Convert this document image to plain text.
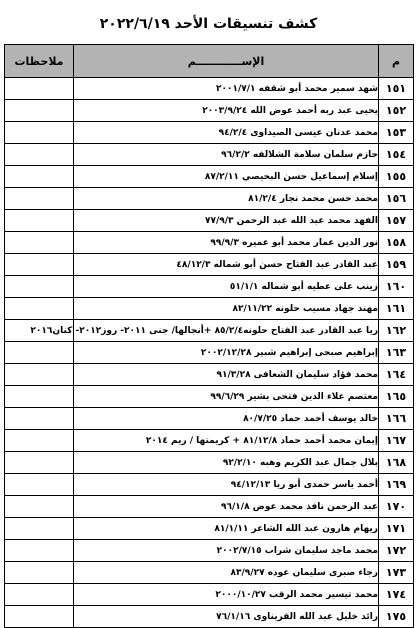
كشف تنسيقات الأحد ٢٠٢٢/٦/١٩
م	الإســــــــــــم	ملاحظات
١٥١	شهد سمير محمد أبو شقفه ٢٠٠١/٧/١	
١٥٢	يحيى عبد ربه أحمد عوض الله ٢٠٠٣/٩/٢٤	
١٥٣	محمد عدنان عيسى الصيداوى ٩٤/٢/٤	
١٥٤	حازم سلمان سلامة الشلالفه ٩٦/٢/٢	
١٥٥	إسلام إسماعيل حسن البحيصي ٨٧/٢/١١	
١٥٦	محمد حسن محمد نجار ٨١/٢/٤	
١٥٧	الفهد محمد عبد الله عبد الرحمن ٧٧/٩/٣	
١٥٨	نور الدين عمار محمد أبو عميره ٩٩/٩/٣	
١٥٩	عبد القادر عبد الفتاح حسن أبو شماله ٤٨/١٢/٣	
١٦٠	زينب على عطيه أبو شماله ٥١/١/١	
١٦١	مهند جهاد مسيب حلونه ٨٢/١١/٢٢	
١٦٢	ريا عبد القادر عبد الفتاح حلونه٨٥/٢/٤ +أنجالها/ جنى ٢٠١١- روز٢٠١٢- كنان٢٠١٦	
١٦٣	إبراهيم صبحى إبراهيم شبير ٢٠٠٢/١٢/٢٨	
١٦٤	محمد فؤاد سليمان الشعافى ٩١/٣/٢٨	
١٦٥	معتصم علاء الدين فتحى بشير ٩٩/٦/٢٩	
١٦٦	خالد يوسف أحمد حماد ٨٠/٧/٢٥	
١٦٧	إيمان محمد أحمد حماد ٨١/١٢/٨ + كريمتها / ريم ٢٠١٤	
١٦٨	بلال جمال عبد الكريم وهبه ٩٢/٢/١٠	
١٦٩	أحمد ياسر حمدى أبو ريا ٩٤/١٢/١٣	
١٧٠	عبد الرحمن نافذ محمد عوض ٩٦/١/٨	
١٧١	ريهام هارون عبد الله الشاعر ٨١/١/١١	
١٧٢	محمد ماجد سليمان شراب ٢٠٠٢/٧/١٥	
١٧٣	رجاء صبرى سليمان عوده ٨٣/٩/٢٧	
١٧٤	محمد تيسير محمد الرقب ٢٠٠٠/١٠/٢٧	
١٧٥	رائد خليل عبد الله القريناوى ٧٦/١/١٦	
